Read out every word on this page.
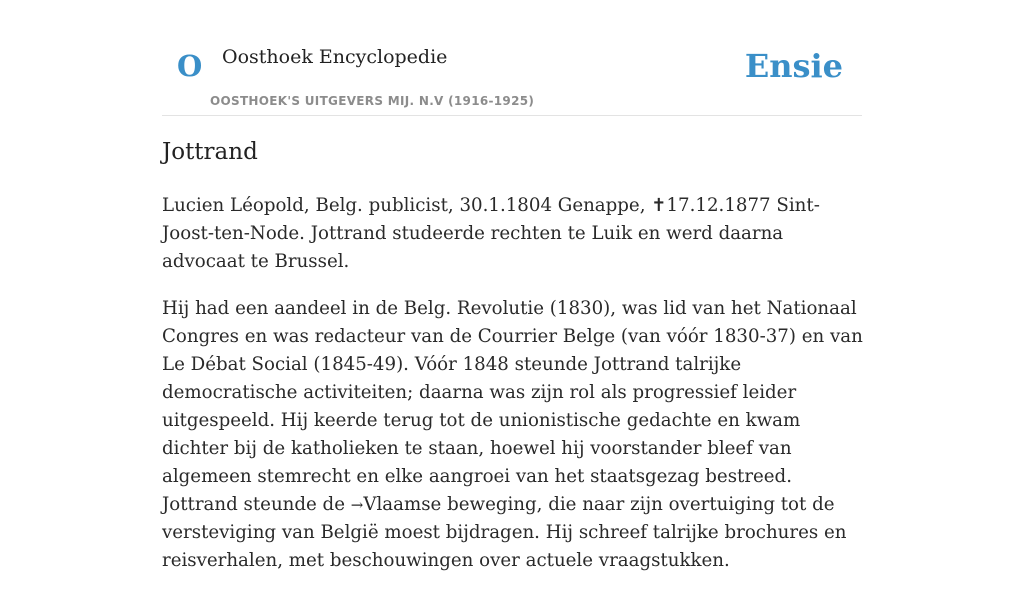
O Oosthoek Encyclopedie
OOSTHOEK'S UITGEVERS MIJ. N.V (1916-1925)
Ensie
Jottrand

Lucien Léopold, Belg. publicist, 30.1.1804 Genappe, ✝17.12.1877 Sint-Joost-ten-Node. Jottrand studeerde rechten te Luik en werd daarna advocaat te Brussel.

Hij had een aandeel in de Belg. Revolutie (1830), was lid van het Nationaal Congres en was redacteur van de Courrier Belge (van vóór 1830-37) en van Le Débat Social (1845-49). Vóór 1848 steunde Jottrand talrijke democratische activiteiten; daarna was zijn rol als progressief leider uitgespeeld. Hij keerde terug tot de unionistische gedachte en kwam dichter bij de katholieken te staan, hoewel hij voorstander bleef van algemeen stemrecht en elke aangroei van het staatsgezag bestreed. Jottrand steunde de →Vlaamse beweging, die naar zijn overtuiging tot de versteviging van België moest bijdragen. Hij schreef talrijke brochures en reisverhalen, met beschouwingen over actuele vraagstukken.
